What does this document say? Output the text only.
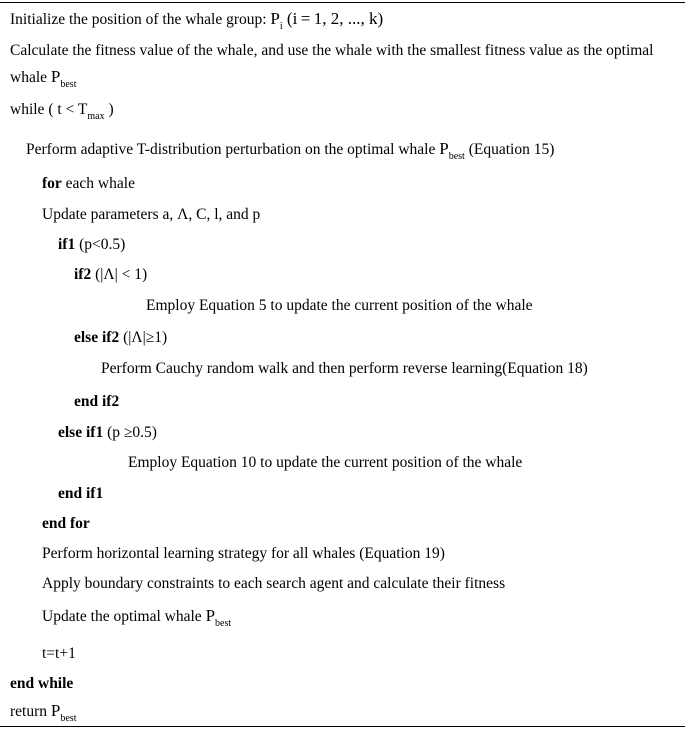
Initialize the position of the whale group: $P_i$ (i = 1, 2, ..., k)
Calculate the fitness value of the whale, and use the whale with the smallest fitness value as the optimal whale $P_{best}$
while ( $t < T_{max}$ )
Perform adaptive T-distribution perturbation on the optimal whale $P_{best}$ (Equation 15)
for each whale
Update parameters a, Λ, C, l, and p
if1 (p<0.5)
if2 (|Λ| < 1)
Employ Equation 5 to update the current position of the whale
else if2 (|Λ|≥1)
Perform Cauchy random walk and then perform reverse learning(Equation 18)
end if2
else if1 (p ≥0.5)
Employ Equation 10 to update the current position of the whale
end if1
end for
Perform horizontal learning strategy for all whales (Equation 19)
Apply boundary constraints to each search agent and calculate their fitness
Update the optimal whale $P_{best}$
t=t+1
end while
return $P_{best}$
